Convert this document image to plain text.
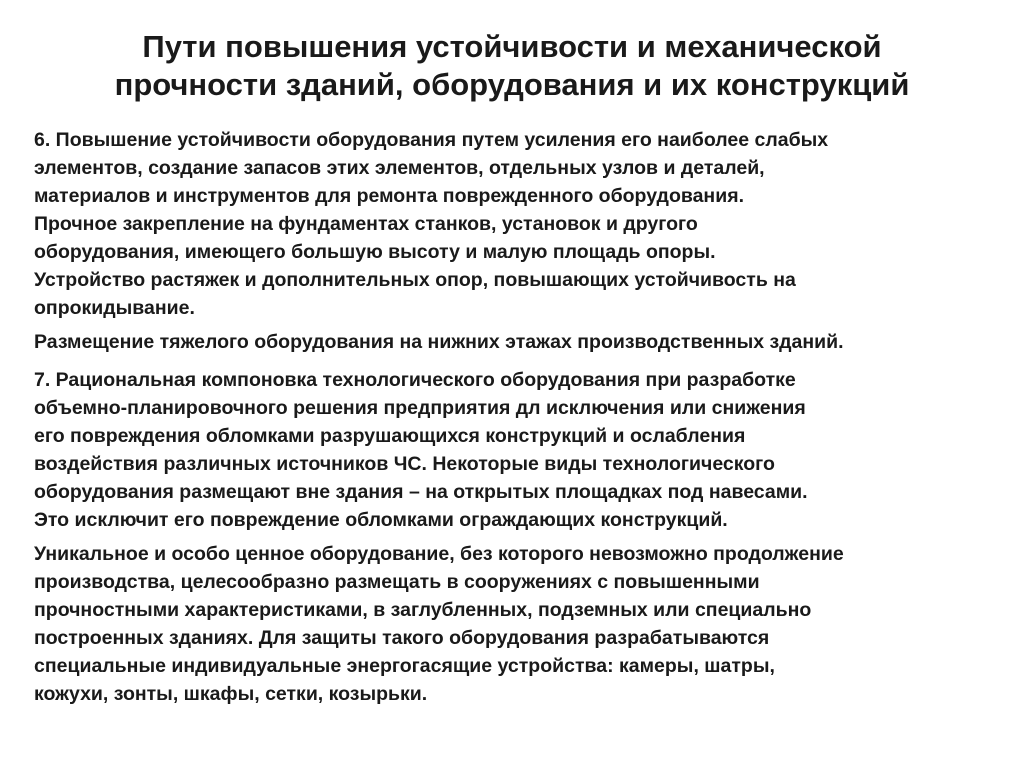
Пути повышения устойчивости и механической
прочности зданий, оборудования и их конструкций

6. Повышение устойчивости оборудования путем усиления его наиболее слабых
элементов, создание запасов этих элементов, отдельных узлов и деталей,
материалов и инструментов для ремонта поврежденного оборудования.
Прочное закрепление на фундаментах станков, установок и другого
оборудования, имеющего большую высоту и малую площадь опоры.
Устройство растяжек и дополнительных опор, повышающих устойчивость на
опрокидывание.

Размещение тяжелого оборудования на нижних этажах производственных зданий.

7. Рациональная компоновка технологического оборудования при разработке
объемно-планировочного решения предприятия дл исключения или снижения
его повреждения обломками разрушающихся конструкций и ослабления
воздействия различных источников ЧС. Некоторые виды технологического
оборудования размещают вне здания – на открытых площадках под навесами.
Это исключит его повреждение обломками ограждающих конструкций.

Уникальное и особо ценное оборудование, без которого невозможно продолжение
производства, целесообразно размещать в сооружениях с повышенными
прочностными характеристиками, в заглубленных, подземных или специально
построенных зданиях. Для защиты такого оборудования разрабатываются
специальные индивидуальные энергогасящие устройства: камеры, шатры,
кожухи, зонты, шкафы, сетки, козырьки.
